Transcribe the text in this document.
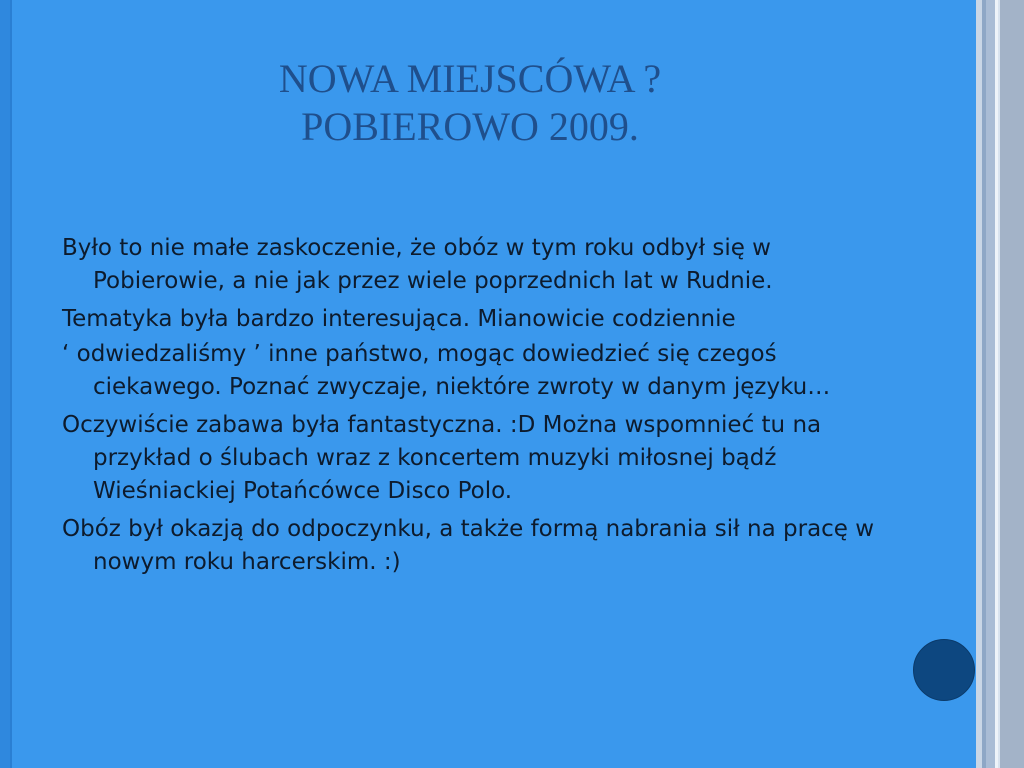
NOWA MIEJSCÓWA ?
POBIEROWO 2009.
Było to nie małe zaskoczenie, że obóz w tym roku odbył się w Pobierowie, a nie jak przez wiele poprzednich lat w Rudnie.
Tematyka była bardzo interesująca. Mianowicie codziennie
‘ odwiedzaliśmy ’ inne państwo, mogąc dowiedzieć się czegoś ciekawego. Poznać zwyczaje, niektóre zwroty w danym języku…
Oczywiście zabawa była fantastyczna. :D Można wspomnieć tu na przykład o ślubach wraz z koncertem muzyki miłosnej bądź Wieśniackiej Potańcówce Disco Polo.
Obóz był okazją do odpoczynku, a także formą nabrania sił na pracę w nowym roku harcerskim. :)
